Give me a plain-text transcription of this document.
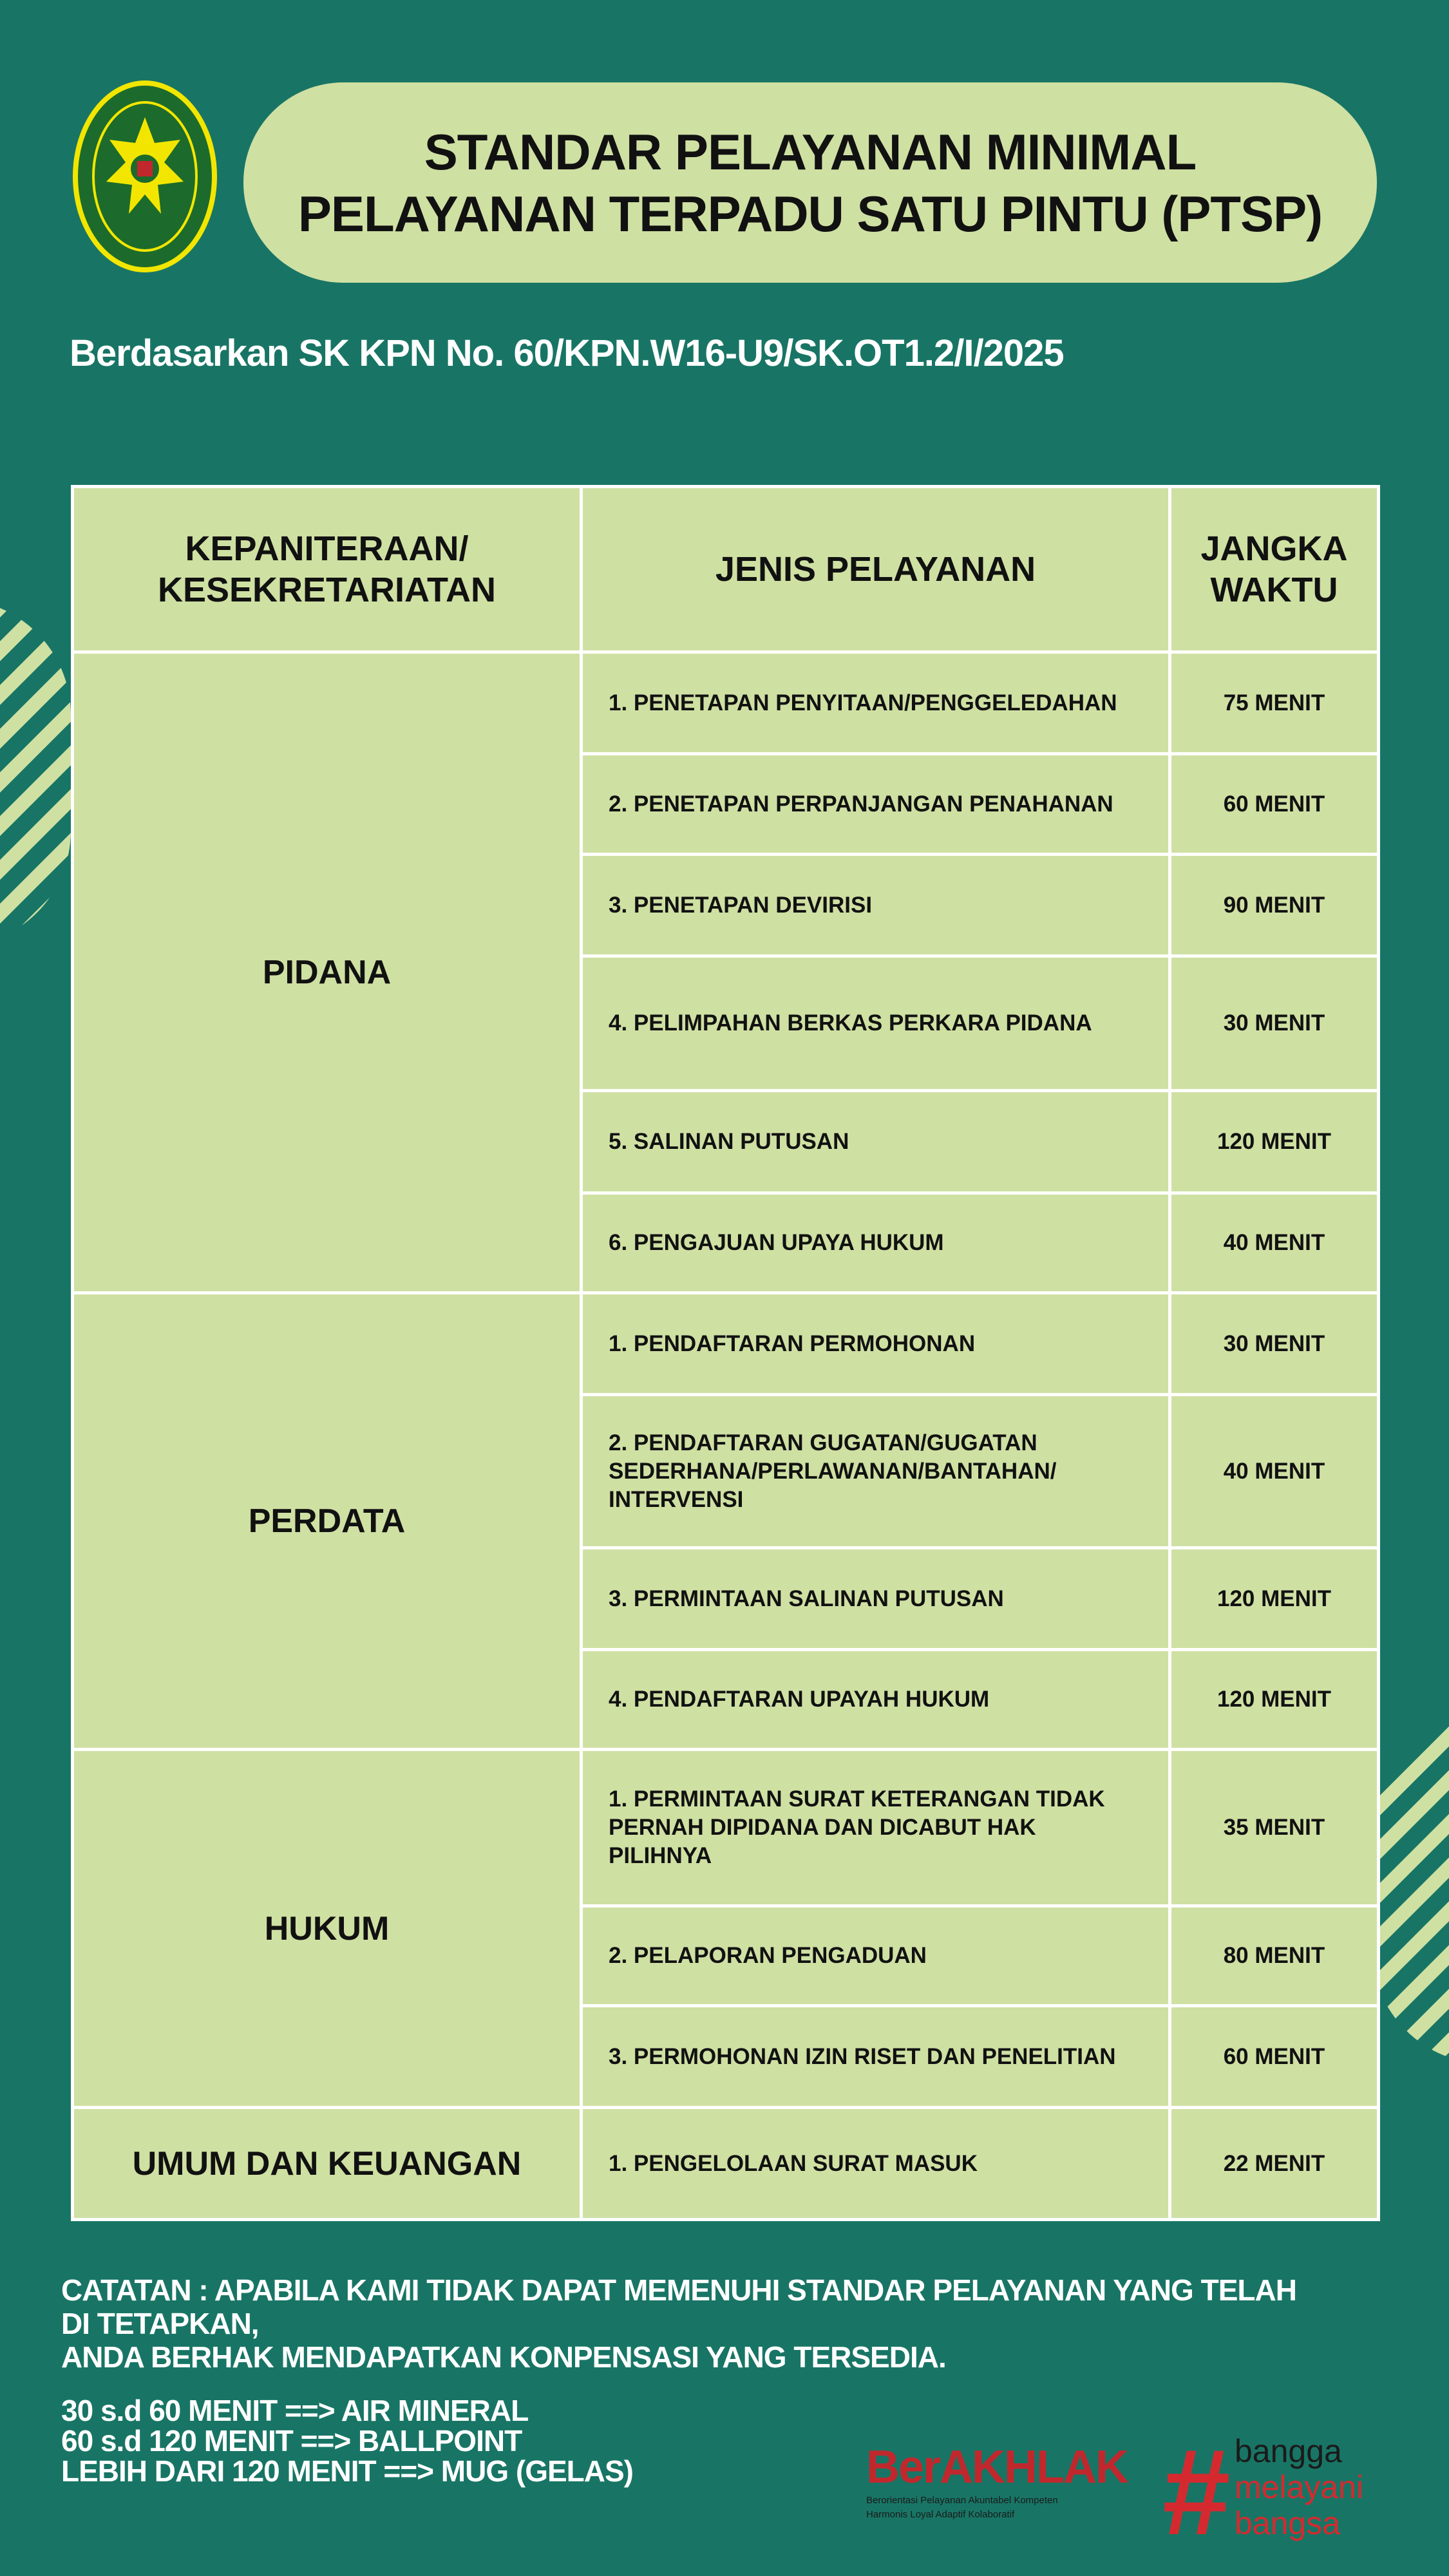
STANDAR PELAYANAN MINIMAL
PELAYANAN TERPADU SATU PINTU (PTSP)
Berdasarkan SK KPN No. 60/KPN.W16-U9/SK.OT1.2/I/2025
KEPANITERAAN/ KESEKRETARIATAN	JENIS PELAYANAN	JANGKA WAKTU
PIDANA	1. PENETAPAN PENYITAAN/PENGGELEDAHAN	75 MENIT
	2. PENETAPAN PERPANJANGAN PENAHANAN	60 MENIT
	3. PENETAPAN DEVIRISI	90 MENIT
	4. PELIMPAHAN BERKAS PERKARA PIDANA	30 MENIT
	5. SALINAN PUTUSAN	120 MENIT
	6. PENGAJUAN UPAYA HUKUM	40 MENIT
PERDATA	1. PENDAFTARAN PERMOHONAN	30 MENIT
	2. PENDAFTARAN GUGATAN/GUGATAN SEDERHANA/PERLAWANAN/BANTAHAN/ INTERVENSI	40 MENIT
	3. PERMINTAAN SALINAN PUTUSAN	120 MENIT
	4. PENDAFTARAN UPAYAH HUKUM	120 MENIT
HUKUM	1. PERMINTAAN SURAT KETERANGAN TIDAK PERNAH DIPIDANA DAN DICABUT HAK PILIHNYA	35 MENIT
	2. PELAPORAN PENGADUAN	80 MENIT
	3. PERMOHONAN IZIN RISET DAN PENELITIAN	60 MENIT
UMUM DAN KEUANGAN	1. PENGELOLAAN SURAT MASUK	22 MENIT
CATATAN : APABILA KAMI TIDAK DAPAT MEMENUHI STANDAR PELAYANAN YANG TELAH
DI TETAPKAN,
ANDA BERHAK MENDAPATKAN KONPENSASI YANG TERSEDIA.
30 s.d 60 MENIT ==> AIR MINERAL
60 s.d 120 MENIT ==> BALLPOINT
LEBIH DARI 120 MENIT ==> MUG (GELAS)	BerAKHLAK
Berorientasi Pelayanan Akuntabel Kompeten
Harmonis Loyal Adaptif Kolaboratif	# bangga
melayani
bangsa
